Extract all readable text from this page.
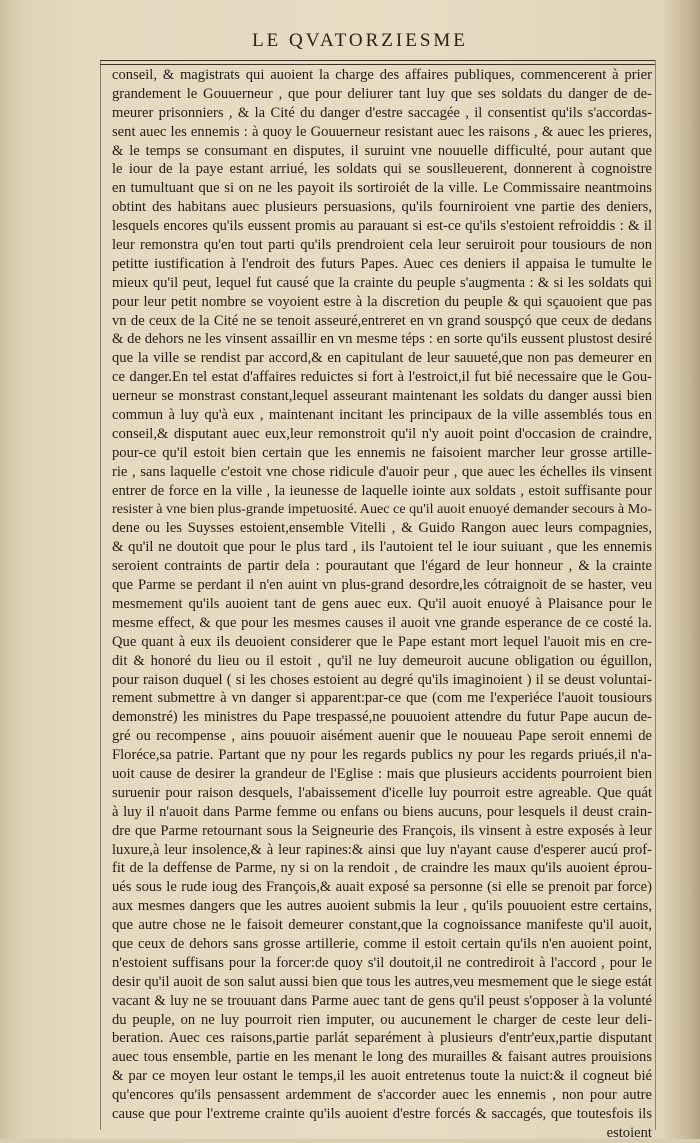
LE QVATORZIESME
conseil, & magistrats qui auoient la charge des affaires publiques, commencerent à prier
grandement le Gouuerneur , que pour deliurer tant luy que ses soldats du danger de de-
meurer prisonniers , & la Cité du danger d'estre saccagée , il consentist qu'ils s'accordas-
sent auec les ennemis : à quoy le Gouuerneur resistant auec les raisons , & auec les prieres,
& le temps se consumant en disputes, il suruint vne nouuelle difficulté, pour autant que
le iour de la paye estant arriué, les soldats qui se souslleuerent, donnerent à cognoistre
en tumultuant que si on ne les payoit ils sortiroiét de la ville. Le Commissaire neantmoins
obtint des habitans auec plusieurs persuasions, qu'ils fourniroient vne partie des deniers,
lesquels encores qu'ils eussent promis au parauant si est-ce qu'ils s'estoient refroiddis : & il
leur remonstra qu'en tout parti qu'ils prendroient cela leur seruiroit pour tousiours de non
petitte iustification à l'endroit des futurs Papes. Auec ces deniers il appaisa le tumulte le
mieux qu'il peut, lequel fut causé que la crainte du peuple s'augmenta : & si les soldats qui
pour leur petit nombre se voyoient estre à la discretion du peuple & qui sçauoient que pas
vn de ceux de la Cité ne se tenoit asseuré,entreret en vn grand souspçó que ceux de dedans
& de dehors ne les vinsent assaillir en vn mesme téps : en sorte qu'ils eussent plustost desiré
que la ville se rendist par accord,& en capitulant de leur sauueté,que non pas demeurer en
ce danger.En tel estat d'affaires reduictes si fort à l'estroict,il fut bié necessaire que le Gou-
uerneur se monstrast constant,lequel asseurant maintenant les soldats du danger aussi bien
commun à luy qu'à eux , maintenant incitant les principaux de la ville assemblés tous en
conseil,& disputant auec eux,leur remonstroit qu'il n'y auoit point d'occasion de craindre,
pour-ce qu'il estoit bien certain que les ennemis ne faisoient marcher leur grosse artille-
rie , sans laquelle c'estoit vne chose ridicule d'auoir peur , que auec les échelles ils vinsent
entrer de force en la ville , la ieunesse de laquelle iointe aux soldats , estoit suffisante pour
resister à vne bien plus-grande impetuosité. Auec ce qu'il auoit enuoyé demander secours à Mo-
dene ou les Suysses estoient,ensemble Vitelli , & Guido Rangon auec leurs compagnies,
& qu'il ne doutoit que pour le plus tard , ils l'autoient tel le iour suiuant , que les ennemis
seroient contraints de partir dela : pourautant que l'égard de leur honneur , & la crainte
que Parme se perdant il n'en auint vn plus-grand desordre,les cótraignoit de se haster, veu
mesmement qu'ils auoient tant de gens auec eux. Qu'il auoit enuoyé à Plaisance pour le
mesme effect, & que pour les mesmes causes il auoit vne grande esperance de ce costé la.
Que quant à eux ils deuoient considerer que le Pape estant mort lequel l'auoit mis en cre-
dit & honoré du lieu ou il estoit , qu'il ne luy demeuroit aucune obligation ou éguillon,
pour raison duquel ( si les choses estoient au degré qu'ils imaginoient ) il se deust voluntai-
rement submettre à vn danger si apparent:par-ce que (com me l'experiéce l'auoit tousiours
demonstré) les ministres du Pape trespassé,ne pouuoient attendre du futur Pape aucun de-
gré ou recompense , ains pouuoir aisément auenir que le nouueau Pape seroit ennemi de
Floréce,sa patrie. Partant que ny pour les regards publics ny pour les regards priués,il n'a-
uoit cause de desirer la grandeur de l'Eglise : mais que plusieurs accidents pourroient bien
suruenir pour raison desquels, l'abaissement d'icelle luy pourroit estre agreable. Que quát
à luy il n'auoit dans Parme femme ou enfans ou biens aucuns, pour lesquels il deust crain-
dre que Parme retournant sous la Seigneurie des François, ils vinsent à estre exposés à leur
luxure,à leur insolence,& à leur rapines:& ainsi que luy n'ayant cause d'esperer aucú prof-
fit de la deffense de Parme, ny si on la rendoit , de craindre les maux qu'ils auoient éprou-
ués sous le rude ioug des François,& auait exposé sa personne (si elle se prenoit par force)
aux mesmes dangers que les autres auoient submis la leur , qu'ils pouuoient estre certains,
que autre chose ne le faisoit demeurer constant,que la cognoissance manifeste qu'il auoit,
que ceux de dehors sans grosse artillerie, comme il estoit certain qu'ils n'en auoient point,
n'estoient suffisans pour la forcer:de quoy s'il doutoit,il ne contrediroit à l'accord , pour le
desir qu'il auoit de son salut aussi bien que tous les autres,veu mesmement que le siege estát
vacant & luy ne se trouuant dans Parme auec tant de gens qu'il peust s'opposer à la volunté
du peuple, on ne luy pourroit rien imputer, ou aucunement le charger de ceste leur deli-
beration. Auec ces raisons,partie parlát separément à plusieurs d'entr'eux,partie disputant
auec tous ensemble, partie en les menant le long des murailles & faisant autres prouisions
& par ce moyen leur ostant le temps,il les auoit entretenus toute la nuict:& il cogneut bié
qu'encores qu'ils pensassent ardemment de s'accorder auec les ennemis , non pour autre
cause que pour l'extreme crainte qu'ils auoient d'estre forcés & saccagés, que toutesfois ils
estoient
